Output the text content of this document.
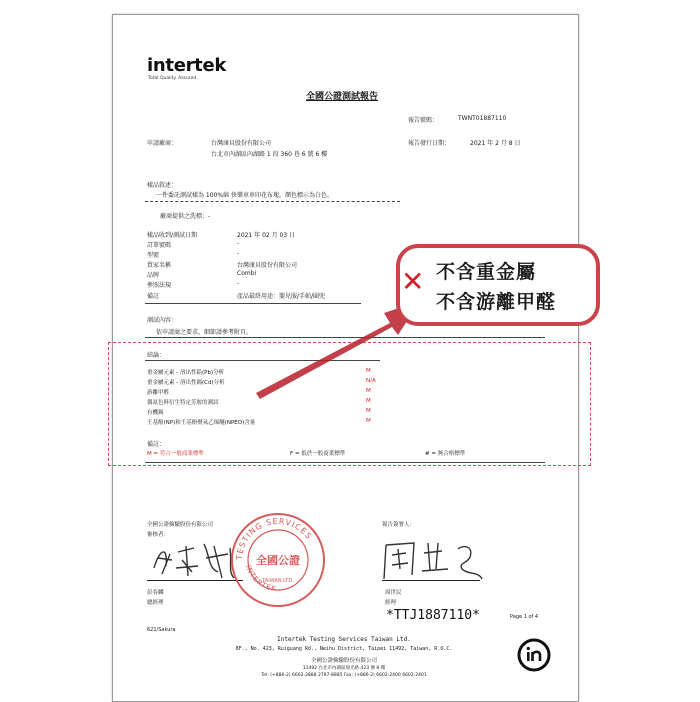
intertek
Total Quality. Assured.
全國公證測試報告
報告號碼：	TWNT01887110
申請廠商：	台灣康貝股份有限公司
台北市內湖區內湖路 1 段 360 巷 6 號 6 樓
報告發行日期：	2021 年 2 月 8 日
樣品敘述：
一件委託測試樣為 100%綿 快樂車車印花布塊，顏色標示為白色。
廠商提供之洗標：-
樣品收到/測試日期	2021 年 02 月 03 日
訂單號碼	-
型號	-
買家名稱	台灣康貝股份有限公司
品牌	Combi
參照法規	-
備註	產品最終用途：嬰兒服/手帕/圍兜
測試內容：
依申請商之要求，細節請參考附頁。
結論：
重金屬元素 - 溶出性鉛(Pb)分析	M
重金屬元素 - 溶出性鎘(Cd)分析	N/A
游離甲醛	M
偶氮色料衍生特定芳胺的測試	M
有機錫	M
壬基酚(NP)和壬基酚聚氧乙烯醚(NPEO)含量	M
備註：
M = 符合一般商業標準	F = 低於一般商業標準	# = 無合格標準
✕ 不含重金屬
不含游離甲醛
全國公證檢驗股份有限公司
審核者：
報告簽署人：
TESTING SERVICES
INTERTEK
全國公證
TAIWAN LTD.
彭春麟
總經理
周世民
經理
*TTJ1887110*	Page 1 of 4
621/Sakura
Intertek Testing Services Taiwan Ltd.
8F., No. 423, Ruiguang Rd., Neihu District, Taipei 11492, Taiwan, R.O.C.
全國公證檢驗股份有限公司
11492 台北市內湖區瑞光路 423 號 8 樓
Tel: (+886-2) 6602-2888 2797-8885 Fax: (+886-2) 6602-2400 6602-2401
